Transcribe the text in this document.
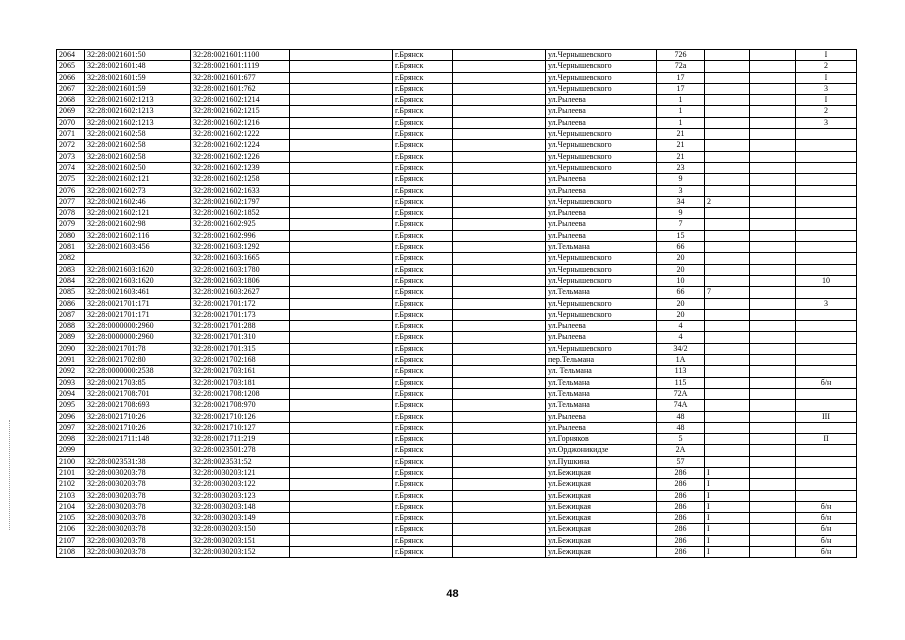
2064	32:28:0021601:50	32:28:0021601:1100		г.Брянск		ул.Чернышевского	726			I
2065	32:28:0021601:48	32:28:0021601:1119		г.Брянск		ул.Чернышевского	72а			2
2066	32:28:0021601:59	32:28:0021601:677		г.Брянск		ул.Чернышевского	17			I
2067	32:28:0021601:59	32:28:0021601:762		г.Брянск		ул.Чернышевского	17			3
2068	32:28:0021602:1213	32:28:0021602:1214		г.Брянск		ул.Рылеева	1			I
2069	32:28:0021602:1213	32:28:0021602:1215		г.Брянск		ул.Рылеева	1			2
2070	32:28:0021602:1213	32:28:0021602:1216		г.Брянск		ул.Рылеева	1			3
2071	32:28:0021602:58	32:28:0021602:1222		г.Брянск		ул.Чернышевского	21			
2072	32:28:0021602:58	32:28:0021602:1224		г.Брянск		ул.Чернышевского	21			
2073	32:28:0021602:58	32:28:0021602:1226		г.Брянск		ул.Чернышевского	21			
2074	32:28:0021602:50	32:28:0021602:1239		г.Брянск		ул.Чернышевского	23			
2075	32:28:0021602:121	32:28:0021602:1258		г.Брянск		ул.Рылеева	9			
2076	32:28:0021602:73	32:28:0021602:1633		г.Брянск		ул.Рылеева	3			
2077	32:28:0021602:46	32:28:0021602:1797		г.Брянск		ул.Чернышевского	34	2		
2078	32:28:0021602:121	32:28:0021602:1852		г.Брянск		ул.Рылеева	9			
2079	32:28:0021602:98	32:28:0021602:925		г.Брянск		ул.Рылеева	7			
2080	32:28:0021602:116	32:28:0021602:996		г.Брянск		ул.Рылеева	15			
2081	32:28:0021603:456	32:28:0021603:1292		г.Брянск		ул.Тельмана	66			
2082		32:28:0021603:1665		г.Брянск		ул.Чернышевского	20			
2083	32:28:0021603:1620	32:28:0021603:1780		г.Брянск		ул.Чернышевского	20			
2084	32:28:0021603:1620	32:28:0021603:1806		г.Брянск		ул.Чернышевского	10			10
2085	32:28:0021603:461	32:28:0021603:2627		г.Брянск		ул.Тельмана	66	7		
2086	32:28:0021701:171	32:28:0021701:172		г.Брянск		ул.Чернышевского	20			3
2087	32:28:0021701:171	32:28:0021701:173		г.Брянск		ул.Чернышевского	20			
2088	32:28:0000000:2960	32:28:0021701:288		г.Брянск		ул.Рылеева	4			
2089	32:28:0000000:2960	32:28:0021701:310		г.Брянск		ул.Рылеева	4			
2090	32:28:0021701:78	32:28:0021701:315		г.Брянск		ул.Чернышевского	34/2			
2091	32:28:0021702:80	32:28:0021702:168		г.Брянск		пер.Тельмана	1А			
2092	32:28:0000000:2538	32:28:0021703:161		г.Брянск		ул. Тельмана	113			
2093	32:28:0021703:85	32:28:0021703:181		г.Брянск		ул.Тельмана	115			б/н
2094	32:28:0021708:701	32:28:0021708:1208		г.Брянск		ул.Тельмана	72А			
2095	32:28:0021708:693	32:28:0021708:970		г.Брянск		ул.Тельмана	74А			
2096	32:28:0021710:26	32:28:0021710:126		г.Брянск		ул.Рылеева	48			III
2097	32:28:0021710:26	32:28:0021710:127		г.Брянск		ул.Рылеева	48			
2098	32:28:0021711:148	32:28:0021711:219		г.Брянск		ул.Горняков	5			II
2099		32:28:0023501:278		г.Брянск		ул.Орджоникидзе	2А			
2100	32:28:0023531:38	32:28:0023531:52		г.Брянск		ул.Пушкина	57			
2101	32:28:0030203:78	32:28:0030203:121		г.Брянск		ул.Бежицкая	286	I		
2102	32:28:0030203:78	32:28:0030203:122		г.Брянск		ул.Бежицкая	286	I		
2103	32:28:0030203:78	32:28:0030203:123		г.Брянск		ул.Бежицкая	286	I		
2104	32:28:0030203:78	32:28:0030203:148		г.Брянск		ул.Бежицкая	286	I		б/н
2105	32:28:0030203:78	32:28:0030203:149		г.Брянск		ул.Бежицкая	286	I		б/н
2106	32:28:0030203:78	32:28:0030203:150		г.Брянск		ул.Бежицкая	286	I		б/н
2107	32:28:0030203:78	32:28:0030203:151		г.Брянск		ул.Бежицкая	286	I		б/н
2108	32:28:0030203:78	32:28:0030203:152		г.Брянск		ул.Бежицкая	286	I		б/н
48
